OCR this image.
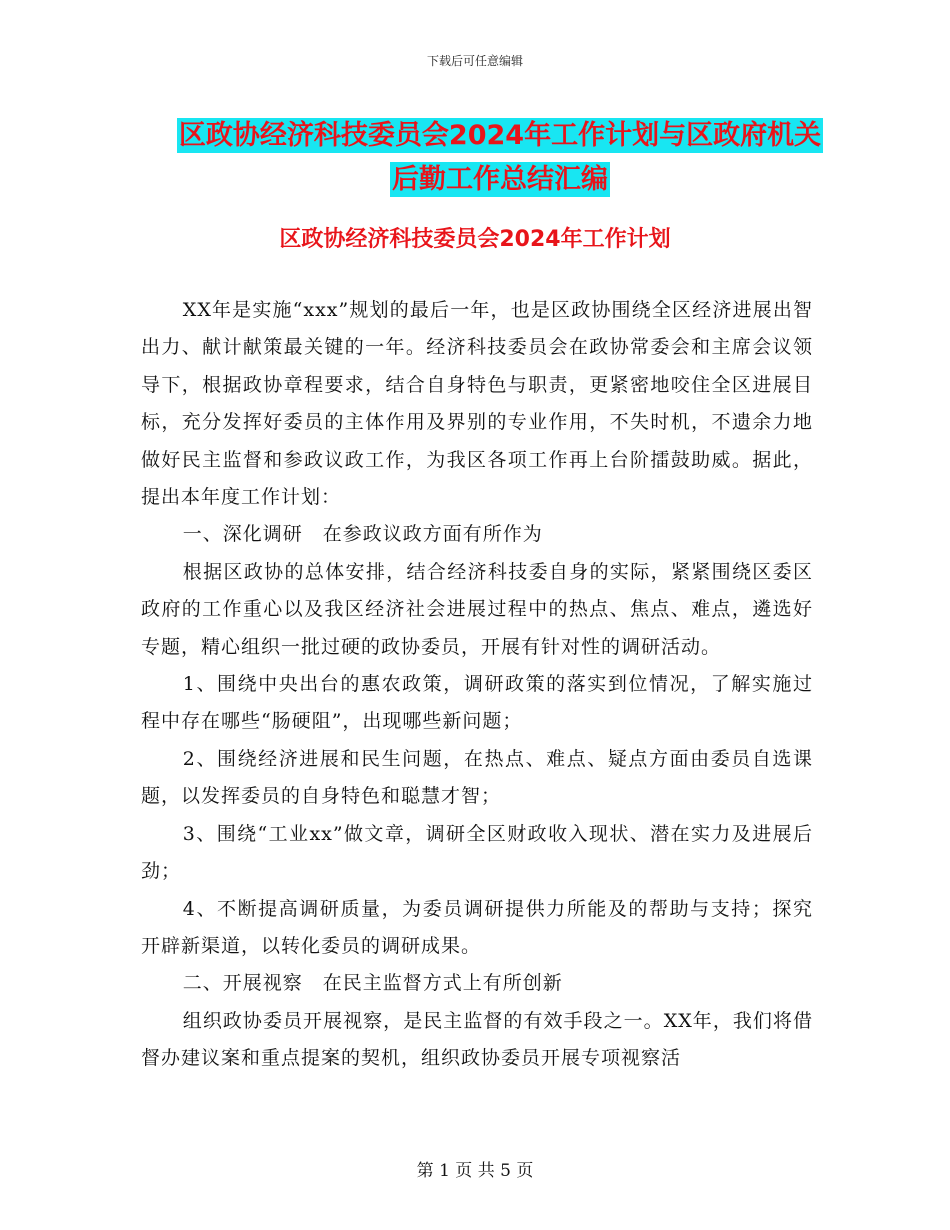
下载后可任意编辑
区政协经济科技委员会2024年工作计划与区政府机关
后勤工作总结汇编
区政协经济科技委员会2024年工作计划

XX年是实施“xxx”规划的最后一年，也是区政协围绕全区经济进展出智出力、献计献策最关键的一年。经济科技委员会在政协常委会和主席会议领导下，根据政协章程要求，结合自身特色与职责，更紧密地咬住全区进展目标，充分发挥好委员的主体作用及界别的专业作用，不失时机，不遗余力地做好民主监督和参政议政工作，为我区各项工作再上台阶擂鼓助威。据此，提出本年度工作计划：

一、深化调研　在参政议政方面有所作为

根据区政协的总体安排，结合经济科技委自身的实际，紧紧围绕区委区政府的工作重心以及我区经济社会进展过程中的热点、焦点、难点，遴选好专题，精心组织一批过硬的政协委员，开展有针对性的调研活动。

1、围绕中央出台的惠农政策，调研政策的落实到位情况，了解实施过程中存在哪些“肠硬阻”，出现哪些新问题；

2、围绕经济进展和民生问题，在热点、难点、疑点方面由委员自选课题，以发挥委员的自身特色和聪慧才智；

3、围绕“工业xx”做文章，调研全区财政收入现状、潜在实力及进展后劲；

4、不断提高调研质量，为委员调研提供力所能及的帮助与支持；探究开辟新渠道，以转化委员的调研成果。

二、开展视察　在民主监督方式上有所创新

组织政协委员开展视察，是民主监督的有效手段之一。XX年，我们将借督办建议案和重点提案的契机，组织政协委员开展专项视察活

第 1 页 共 5 页
